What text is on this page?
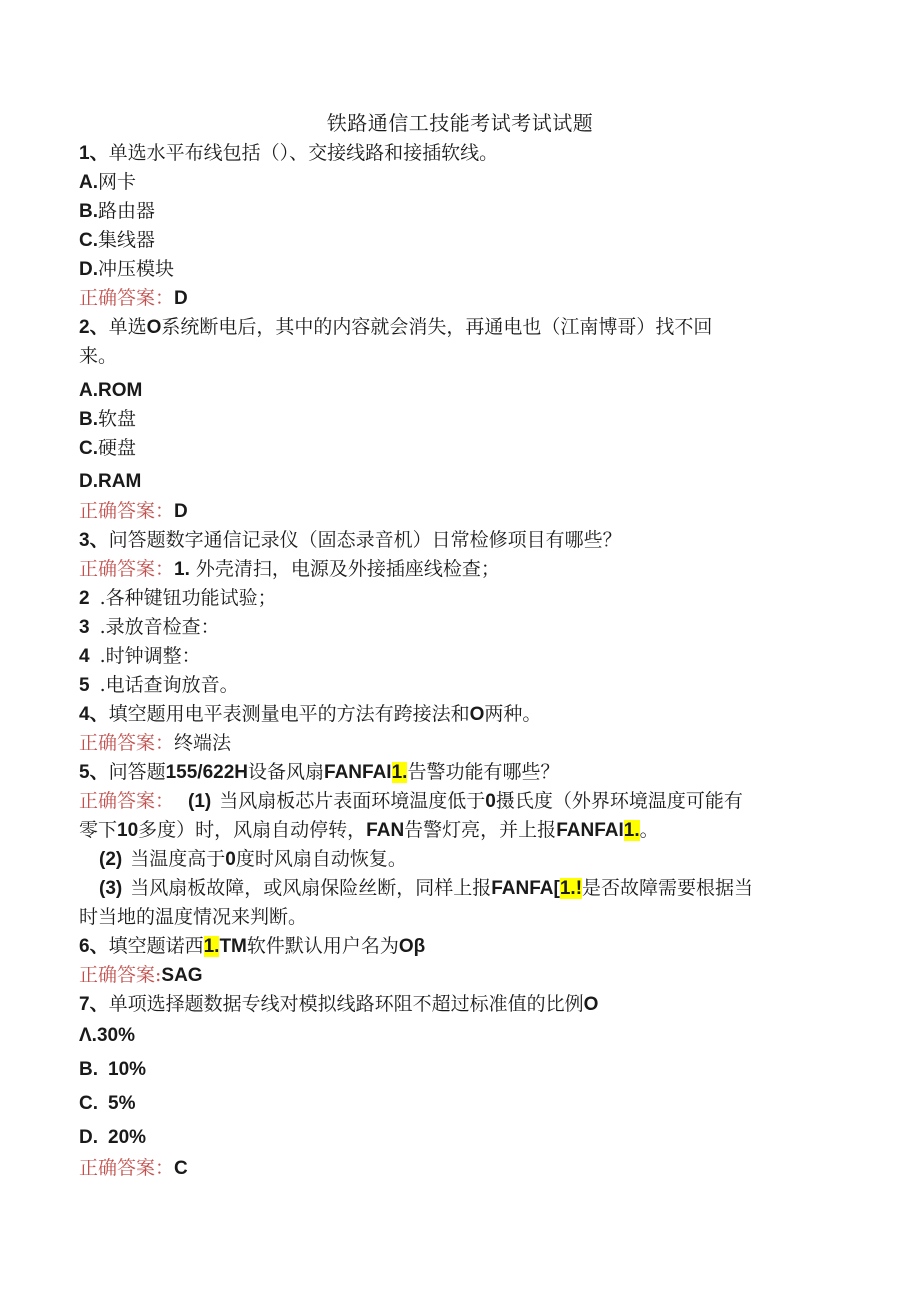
铁路通信工技能考试考试试题
1、单选水平布线包括（）、交接线路和接插软线。
A.网卡
B.路由器
C.集线器
D.冲压模块
正确答案：D
2、单选O系统断电后，其中的内容就会消失，再通电也（江南博哥）找不回
来。
A.ROM
B.软盘
C.硬盘
D.RAM
正确答案：D
3、问答题数字通信记录仪（固态录音机）日常检修项目有哪些？
正确答案：1. 外壳清扫，电源及外接插座线检查；
2 .各种键钮功能试验；
3 .录放音检查：
4 .时钟调整：
5 .电话查询放音。
4、填空题用电平表测量电平的方法有跨接法和O两种。
正确答案：终端法
5、问答题155/622H设备风扇FANFAI1.告警功能有哪些？
正确答案： (1) 当风扇板芯片表面环境温度低于0摄氏度（外界环境温度可能有
零下10多度）时，风扇自动停转，FAN告警灯亮，并上报FANFAI1.。
(2) 当温度高于0度时风扇自动恢复。
(3) 当风扇板故障，或风扇保险丝断，同样上报FANFA[1.!是否故障需要根据当
时当地的温度情况来判断。
6、填空题诺西1.TM软件默认用户名为Oβ
正确答案:SAG
7、单项选择题数据专线对模拟线路环阻不超过标准值的比例O
Λ.30%
B. 10%
C. 5%
D. 20%
正确答案：C
